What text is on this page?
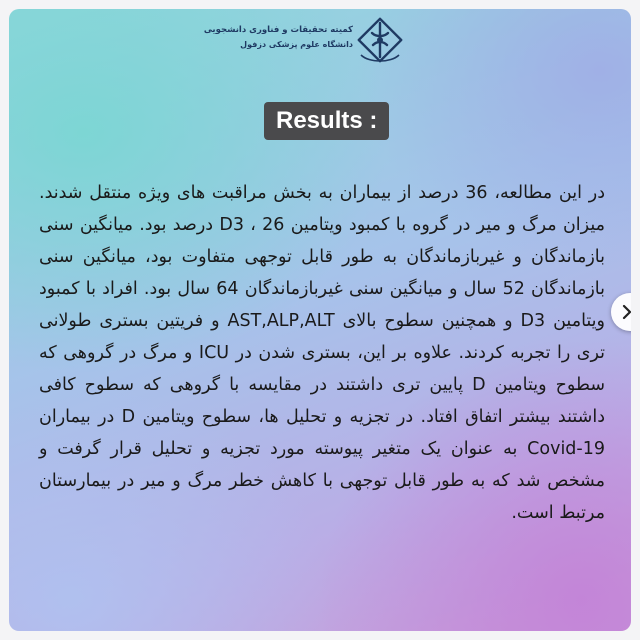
کمیته تحقیقات و فناوری دانشجویی
دانشگاه علوم پزشکی دزفول
Results :

در این مطالعه، 36 درصد از بیماران به بخش مراقبت های ویژه منتقل شدند. میزان مرگ و میر در گروه با کمبود ویتامین D3 ، 26 درصد بود. میانگین سنی بازماندگان و غیربازماندگان به طور قابل توجهی متفاوت بود، میانگین سنی بازماندگان 52 سال و میانگین سنی غیربازماندگان 64 سال بود. افراد با کمبود ویتامین D3 و همچنین سطوح بالای AST,ALP,ALT و فریتین بستری طولانی تری را تجربه کردند. علاوه بر این، بستری شدن در ICU و مرگ در گروهی که سطوح ویتامین D پایین تری داشتند در مقایسه با گروهی که سطوح کافی داشتند بیشتر اتفاق افتاد. در تجزیه و تحلیل ها، سطوح ویتامین D در بیماران Covid-19 به عنوان یک متغیر پیوسته مورد تجزیه و تحلیل قرار گرفت و مشخص شد که به طور قابل توجهی با کاهش خطر مرگ و میر در بیمارستان مرتبط است.
